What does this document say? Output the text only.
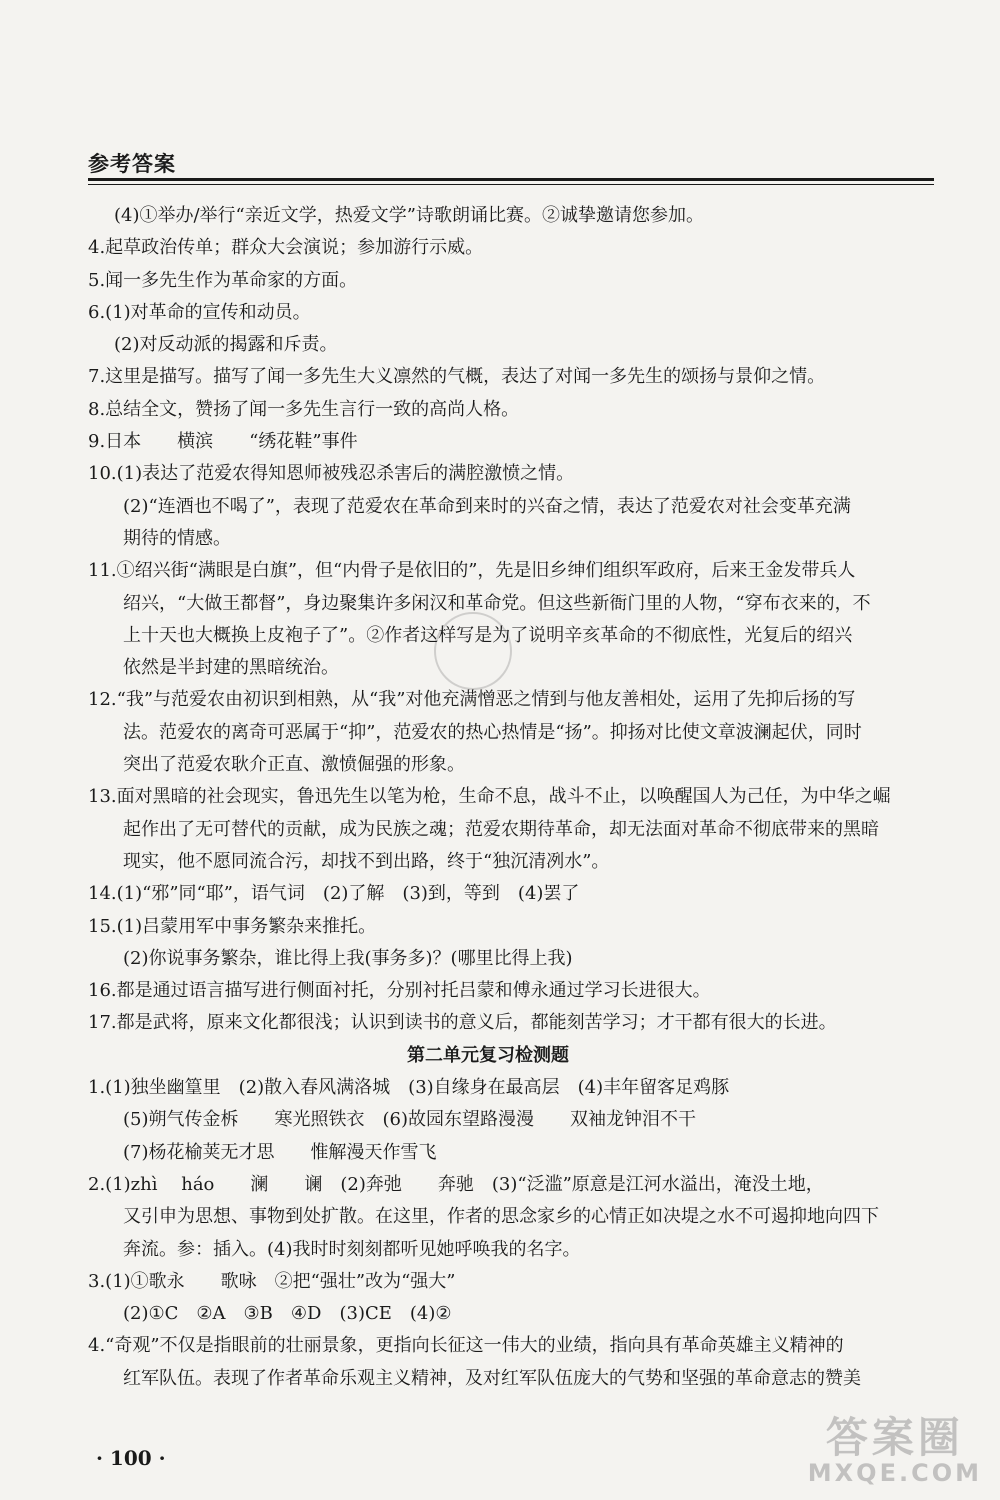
参考答案
(4)①举办/举行“亲近文学，热爱文学”诗歌朗诵比赛。②诚挚邀请您参加。
4.起草政治传单；群众大会演说；参加游行示威。
5.闻一多先生作为革命家的方面。
6.(1)对革命的宣传和动员。
(2)对反动派的揭露和斥责。
7.这里是描写。描写了闻一多先生大义凛然的气概，表达了对闻一多先生的颂扬与景仰之情。
8.总结全文，赞扬了闻一多先生言行一致的高尚人格。
9.日本　　横滨　　“绣花鞋”事件
10.(1)表达了范爱农得知恩师被残忍杀害后的满腔激愤之情。
(2)“连酒也不喝了”，表现了范爱农在革命到来时的兴奋之情，表达了范爱农对社会变革充满
期待的情感。
11.①绍兴街“满眼是白旗”，但“内骨子是依旧的”，先是旧乡绅们组织军政府，后来王金发带兵人
绍兴，“大做王都督”，身边聚集许多闲汉和革命党。但这些新衙门里的人物，“穿布衣来的，不
上十天也大概换上皮袍子了”。②作者这样写是为了说明辛亥革命的不彻底性，光复后的绍兴
依然是半封建的黑暗统治。
12.“我”与范爱农由初识到相熟，从“我”对他充满憎恶之情到与他友善相处，运用了先抑后扬的写
法。范爱农的离奇可恶属于“抑”，范爱农的热心热情是“扬”。抑扬对比使文章波澜起伏，同时
突出了范爱农耿介正直、激愤倔强的形象。
13.面对黑暗的社会现实，鲁迅先生以笔为枪，生命不息，战斗不止，以唤醒国人为己任，为中华之崛
起作出了无可替代的贡献，成为民族之魂；范爱农期待革命，却无法面对革命不彻底带来的黑暗
现实，他不愿同流合污，却找不到出路，终于“独沉清冽水”。
14.(1)“邪”同“耶”，语气词　(2)了解　(3)到，等到　(4)罢了
15.(1)吕蒙用军中事务繁杂来推托。
(2)你说事务繁杂，谁比得上我(事务多)？(哪里比得上我)
16.都是通过语言描写进行侧面衬托，分别衬托吕蒙和傅永通过学习长进很大。
17.都是武将，原来文化都很浅；认识到读书的意义后，都能刻苦学习；才干都有很大的长进。
第二单元复习检测题
1.(1)独坐幽篁里　(2)散入春风满洛城　(3)自缘身在最高层　(4)丰年留客足鸡豚
(5)朔气传金柝　　寒光照铁衣　(6)故园东望路漫漫　　双袖龙钟泪不干
(7)杨花榆荚无才思　　惟解漫天作雪飞
2.(1)zhì　 háo　　澜　　谰　(2)奔弛　　奔驰　(3)“泛滥”原意是江河水溢出，淹没土地，
又引申为思想、事物到处扩散。在这里，作者的思念家乡的心情正如决堤之水不可遏抑地向四下
奔流。参：插入。(4)我时时刻刻都听见她呼唤我的名字。
3.(1)①歌永　　歌咏　②把“强壮”改为“强大”
(2)①C　②A　③B　④D　(3)CE　(4)②
4.“奇观”不仅是指眼前的壮丽景象，更指向长征这一伟大的业绩，指向具有革命英雄主义精神的
红军队伍。表现了作者革命乐观主义精神，及对红军队伍庞大的气势和坚强的革命意志的赞美
· 100 ·	答案圈
MXQE.COM
